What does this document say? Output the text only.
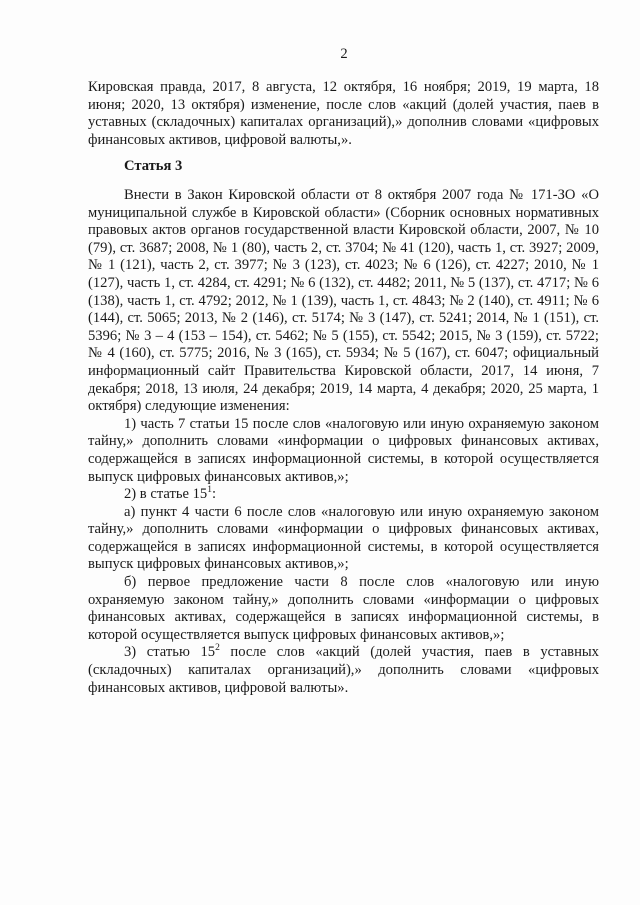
2

Кировская правда, 2017, 8 августа, 12 октября, 16 ноября; 2019, 19 марта, 18 июня; 2020, 13 октября) изменение, после слов «акций (долей участия, паев в уставных (складочных) капиталах организаций),» дополнив словами «цифровых финансовых активов, цифровой валюты,».

Статья 3

Внести в Закон Кировской области от 8 октября 2007 года № 171-ЗО «О муниципальной службе в Кировской области» (Сборник основных нормативных правовых актов органов государственной власти Кировской области, 2007, № 10 (79), ст. 3687; 2008, № 1 (80), часть 2, ст. 3704; № 41 (120), часть 1, ст. 3927; 2009, № 1 (121), часть 2, ст. 3977; № 3 (123), ст. 4023; № 6 (126), ст. 4227; 2010, № 1 (127), часть 1, ст. 4284, ст. 4291; № 6 (132), ст. 4482; 2011, № 5 (137), ст. 4717; № 6 (138), часть 1, ст. 4792; 2012, № 1 (139), часть 1, ст. 4843; № 2 (140), ст. 4911; № 6 (144), ст. 5065; 2013, № 2 (146), ст. 5174; № 3 (147), ст. 5241; 2014, № 1 (151), ст. 5396; № 3 – 4 (153 – 154), ст. 5462; № 5 (155), ст. 5542; 2015, № 3 (159), ст. 5722; № 4 (160), ст. 5775; 2016, № 3 (165), ст. 5934; № 5 (167), ст. 6047; официальный информационный сайт Правительства Кировской области, 2017, 14 июня, 7 декабря; 2018, 13 июля, 24 декабря; 2019, 14 марта, 4 декабря; 2020, 25 марта, 1 октября) следующие изменения:

1) часть 7 статьи 15 после слов «налоговую или иную охраняемую законом тайну,» дополнить словами «информации о цифровых финансовых активах, содержащейся в записях информационной системы, в которой осуществляется выпуск цифровых финансовых активов,»;

2) в статье $15^1$:

а) пункт 4 части 6 после слов «налоговую или иную охраняемую законом тайну,» дополнить словами «информации о цифровых финансовых активах, содержащейся в записях информационной системы, в которой осуществляется выпуск цифровых финансовых активов,»;

б) первое предложение части 8 после слов «налоговую или иную охраняемую законом тайну,» дополнить словами «информации о цифровых финансовых активах, содержащейся в записях информационной системы, в которой осуществляется выпуск цифровых финансовых активов,»;

3) статью $15^2$ после слов «акций (долей участия, паев в уставных (складочных) капиталах организаций),» дополнить словами «цифровых финансовых активов, цифровой валюты».
